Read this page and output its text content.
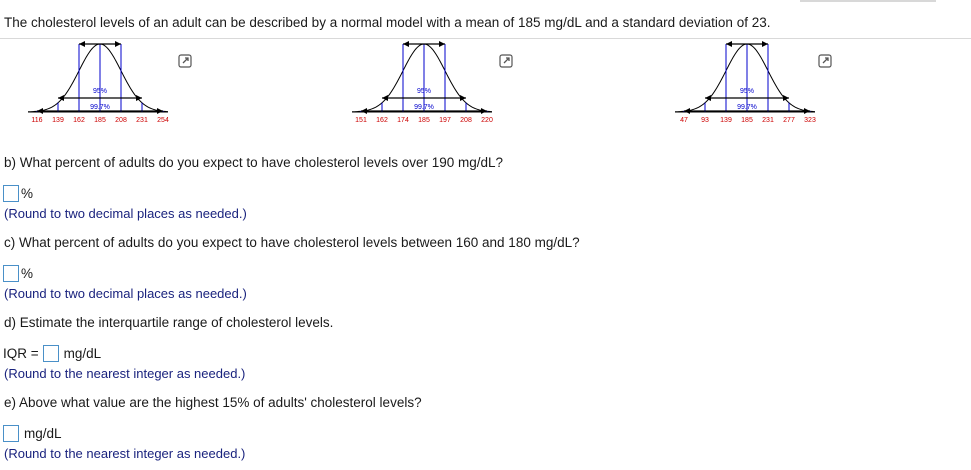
The cholesterol levels of an adult can be described by a normal model with a mean of 185 mg/dL and a standard deviation of 23.
95%
99.7%
116 139 162 185 208 231 254
95%
99.7%
151 162 174 185 197 208 220
95%
99.7%
47 93 139 185 231 277 323
b) What percent of adults do you expect to have cholesterol levels over 190 mg/dL?
%
(Round to two decimal places as needed.)
c) What percent of adults do you expect to have cholesterol levels between 160 and 180 mg/dL?
%
(Round to two decimal places as needed.)
d) Estimate the interquartile range of cholesterol levels.
IQR = mg/dL
(Round to the nearest integer as needed.)
e) Above what value are the highest 15% of adults' cholesterol levels?
mg/dL
(Round to the nearest integer as needed.)
